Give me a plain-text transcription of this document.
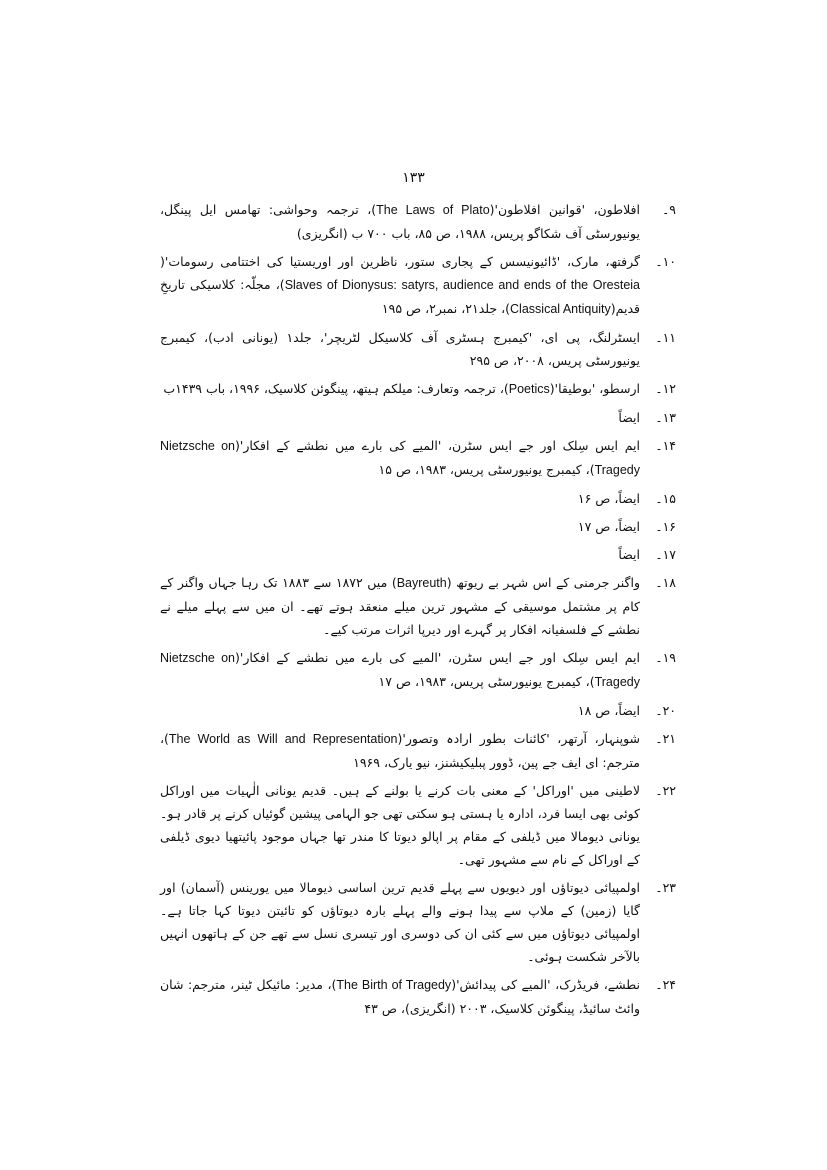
۱۳۳
۹۔
افلاطون، 'قوانین افلاطون'(The Laws of Plato)، ترجمہ وحواشی: تھامس ایل پینگل، یونیورسٹی آف شکاگو پریس، ۱۹۸۸، ص ۸۵، باب ۷۰۰ ب (انگریزی)
۱۰۔
گرفتھ، مارک، 'ڈائیونیسس کے پجاری ستور، ناظرین اور اوریستیا کی اختتامی رسومات'( Slaves of Dionysus: satyrs, audience and ends of the Oresteia)، مجلّہ: کلاسیکی تاریخِ قدیم(Classical Antiquity)، جلد۲۱، نمبر۲، ص ۱۹۵
۱۱۔
ایسٹرلنگ، پی ای، 'کیمبرج ہسٹری آف کلاسیکل لٹریچر'، جلد۱ (یونانی ادب)، کیمبرج یونیورسٹی پریس، ۲۰۰۸، ص ۲۹۵
۱۲۔
ارسطو، 'بوطیقا'(Poetics)، ترجمہ وتعارف: میلکم ہیتھ، پینگوئن کلاسیک، ۱۹۹۶، باب ۱۴۳۹ب
۱۳۔
ایضاً
۱۴۔
ایم ایس سِلک اور جے ایس سٹرن، 'المیے کی بارے میں نطشے کے افکار'(Nietzsche on Tragedy)، کیمبرج یونیورسٹی پریس، ۱۹۸۳، ص ۱۵
۱۵۔
ایضاً، ص ۱۶
۱۶۔
ایضاً، ص ۱۷
۱۷۔
ایضاً
۱۸۔
واگنر جرمنی کے اس شہر بے ریوتھ (Bayreuth) میں ۱۸۷۲ سے ۱۸۸۳ تک رہا جہاں واگنر کے کام پر مشتمل موسیقی کے مشہور ترین میلے منعقد ہوتے تھے۔ ان میں سے پہلے میلے نے نطشے کے فلسفیانہ افکار پر گہرے اور دیرپا اثرات مرتب کیے۔
۱۹۔
ایم ایس سِلک اور جے ایس سٹرن، 'المیے کی بارے میں نطشے کے افکار'(Nietzsche on Tragedy)، کیمبرج یونیورسٹی پریس، ۱۹۸۳، ص ۱۷
۲۰۔
ایضاً، ص ۱۸
۲۱۔
شوپنہار، آرتھر، 'کائنات بطور ارادہ وتصور'(The World as Will and Representation)، مترجم: ای ایف جے پین، ڈوور پبلیکیشنز، نیو یارک، ۱۹۶۹
۲۲۔
لاطینی میں 'اوراکل' کے معنی بات کرنے یا بولنے کے ہیں۔ قدیم یونانی الٰہیات میں اوراکل کوئی بھی ایسا فرد، ادارہ یا ہستی ہو سکتی تھی جو الہامی پیشین گوئیاں کرنے پر قادر ہو۔ یونانی دیومالا میں ڈیلفی کے مقام پر اپالو دیوتا کا مندر تھا جہاں موجود پائیتھیا دیوی ڈیلفی کے اوراکل کے نام سے مشہور تھی۔
۲۳۔
اولمپیائی دیوتاؤں اور دیویوں سے پہلے قدیم ترین اساسی دیومالا میں یورینس (آسمان) اور گایا (زمین) کے ملاپ سے پیدا ہونے والے پہلے بارہ دیوتاؤں کو تائیتن دیوتا کہا جاتا ہے۔ اولمپیائی دیوتاؤں میں سے کئی ان کی دوسری اور تیسری نسل سے تھے جن کے ہاتھوں انہیں بالآخر شکست ہوئی۔
۲۴۔
نطشے، فریڈرک، 'المیے کی پیدائش'(The Birth of Tragedy)، مدیر: مائیکل ٹینر، مترجم: شان وائٹ سائیڈ، پینگوئن کلاسیک، ۲۰۰۳ (انگریزی)، ص ۴۳
